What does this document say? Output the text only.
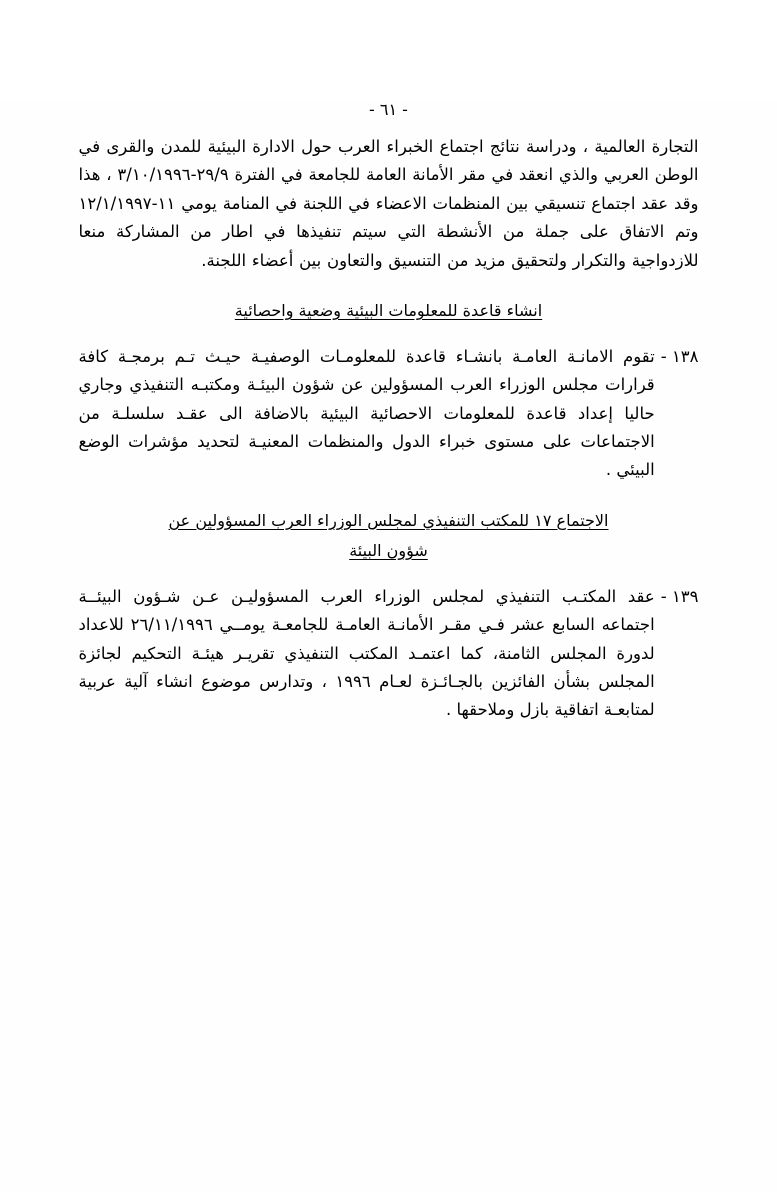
- ٦١ -
التجارة العالمية ، ودراسة نتائج اجتماع الخبراء العرب حول الادارة البيئية للمدن والقرى في الوطن العربي والذي انعقد في مقر الأمانة العامة للجامعة في الفترة ٢٩/٩-٣/١٠/١٩٩٦ ، هذا وقد عقد اجتماع تنسيقي بين المنظمات الاعضاء في اللجنة في المنامة يومي ١١-١٢/١/١٩٩٧ وتم الاتفاق على جملة من الأنشطة التي سيتم تنفيذها في اطار من المشاركة منعا للازدواجية والتكرار ولتحقيق مزيد من التنسيق والتعاون بين أعضاء اللجنة.
انشاء قاعدة للمعلومات البيئية وضعية واحصائية
١٣٨ -
تقوم الامانـة العامـة بانشـاء قاعدة للمعلومـات الوصفيـة حيـث تـم برمجـة كافة قرارات مجلس الوزراء العرب المسؤولين عن شؤون البيئـة ومكتبـه التنفيذي وجاري حاليا إعداد قاعدة للمعلومات الاحصائية البيئية بالاضافة الى عقـد سلسلـة من الاجتماعات على مستوى خبراء الدول والمنظمات المعنيـة لتحديد مؤشرات الوضع البيئي .
الاجتماع ١٧ للمكتب التنفيذي لمجلس الوزراء العرب المسؤولين عن
شؤون البيئة
١٣٩ -
عقد المكتـب التنفيذي لمجلس الوزراء العرب المسؤوليـن عـن شـؤون البيئــة اجتماعه السابع عشر فـي مقـر الأمانـة العامـة للجامعـة يومــي ٢٦/١١/١٩٩٦ للاعداد لدورة المجلس الثامنة، كما اعتمـد المكتب التنفيذي تقريـر هيئـة التحكيم لجائزة المجلس بشأن الفائزين بالجـائـزة لعـام ١٩٩٦ ، وتدارس موضوع انشاء آلية عربية لمتابعـة اتفاقية بازل وملاحقها .
